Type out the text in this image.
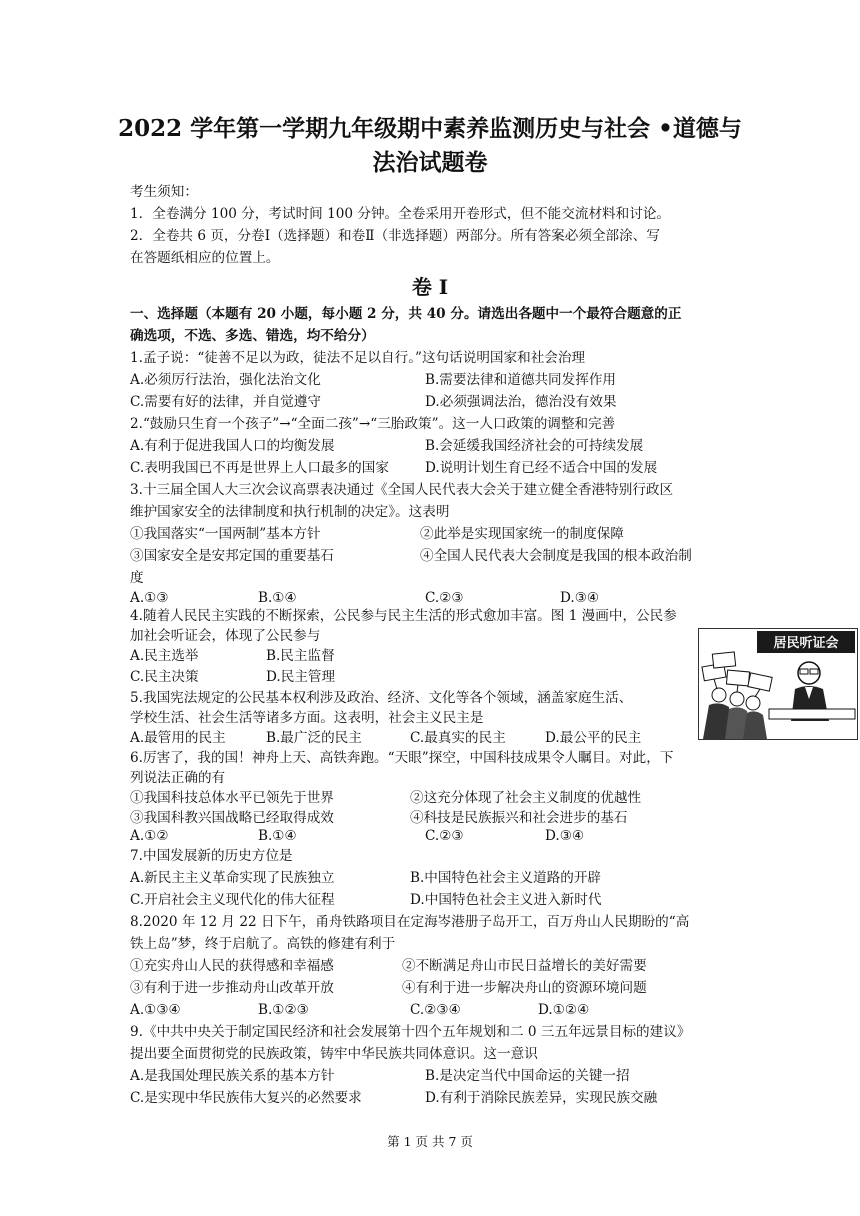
2022 学年第一学期九年级期中素养监测历史与社会 •道德与
法治试题卷
考生须知：
1．全卷满分 100 分，考试时间 100 分钟。全卷采用开卷形式，但不能交流材料和讨论。
2．全卷共 6 页，分卷Ⅰ（选择题）和卷Ⅱ（非选择题）两部分。所有答案必须全部涂、写
在答题纸相应的位置上。
卷 I
一、选择题（本题有 20 小题，每小题 2 分，共 40 分。请选出各题中一个最符合题意的正
确选项，不选、多选、错选，均不给分）
1.孟子说：“徒善不足以为政，徒法不足以自行。”这句话说明国家和社会治理
A.必须厉行法治，强化法治文化	B.需要法律和道德共同发挥作用
C.需要有好的法律，并自觉遵守	D.必须强调法治，德治没有效果
2.“鼓励只生育一个孩子”→“全面二孩”→“三胎政策”。这一人口政策的调整和完善
A.有利于促进我国人口的均衡发展	B.会延缓我国经济社会的可持续发展
C.表明我国已不再是世界上人口最多的国家	D.说明计划生育已经不适合中国的发展
3.十三届全国人大三次会议高票表决通过《全国人民代表大会关于建立健全香港特别行政区
维护国家安全的法律制度和执行机制的决定》。这表明
①我国落实“一国两制”基本方针	②此举是实现国家统一的制度保障
③国家安全是安邦定国的重要基石	④全国人民代表大会制度是我国的根本政治制
度
A.①③	B.①④	C.②③	D.③④
4.随着人民民主实践的不断探索，公民参与民主生活的形式愈加丰富。图 1 漫画中，公民参
加社会听证会，体现了公民参与
A.民主选举	B.民主监督
C.民主决策	D.民主管理
居民听证会
5.我国宪法规定的公民基本权利涉及政治、经济、文化等各个领域，涵盖家庭生活、
学校生活、社会生活等诸多方面。这表明，社会主义民主是
A.最管用的民主	B.最广泛的民主	C.最真实的民主	D.最公平的民主
6.厉害了，我的国！神舟上天、高铁奔跑。“天眼”探空，中国科技成果令人瞩目。对此，下
列说法正确的有
①我国科技总体水平已领先于世界	②这充分体现了社会主义制度的优越性
③我国科教兴国战略已经取得成效	④科技是民族振兴和社会进步的基石
A.①②	B.①④	C.②③	D.③④
7.中国发展新的历史方位是
A.新民主主义革命实现了民族独立	B.中国特色社会主义道路的开辟
C.开启社会主义现代化的伟大征程	D.中国特色社会主义进入新时代
8.2020 年 12 月 22 日下午，甬舟铁路项目在定海岑港册子岛开工，百万舟山人民期盼的“高
铁上岛”梦，终于启航了。高铁的修建有利于
①充实舟山人民的获得感和幸福感	②不断满足舟山市民日益增长的美好需要
③有利于进一步推动舟山改革开放	④有利于进一步解决舟山的资源环境问题
A.①③④	B.①②③	C.②③④	D.①②④
9.《中共中央关于制定国民经济和社会发展第十四个五年规划和二 0 三五年远景目标的建议》
提出要全面贯彻党的民族政策，铸牢中华民族共同体意识。这一意识
A.是我国处理民族关系的基本方针	B.是决定当代中国命运的关键一招
C.是实现中华民族伟大复兴的必然要求	D.有利于消除民族差异，实现民族交融
第 1 页 共 7 页
